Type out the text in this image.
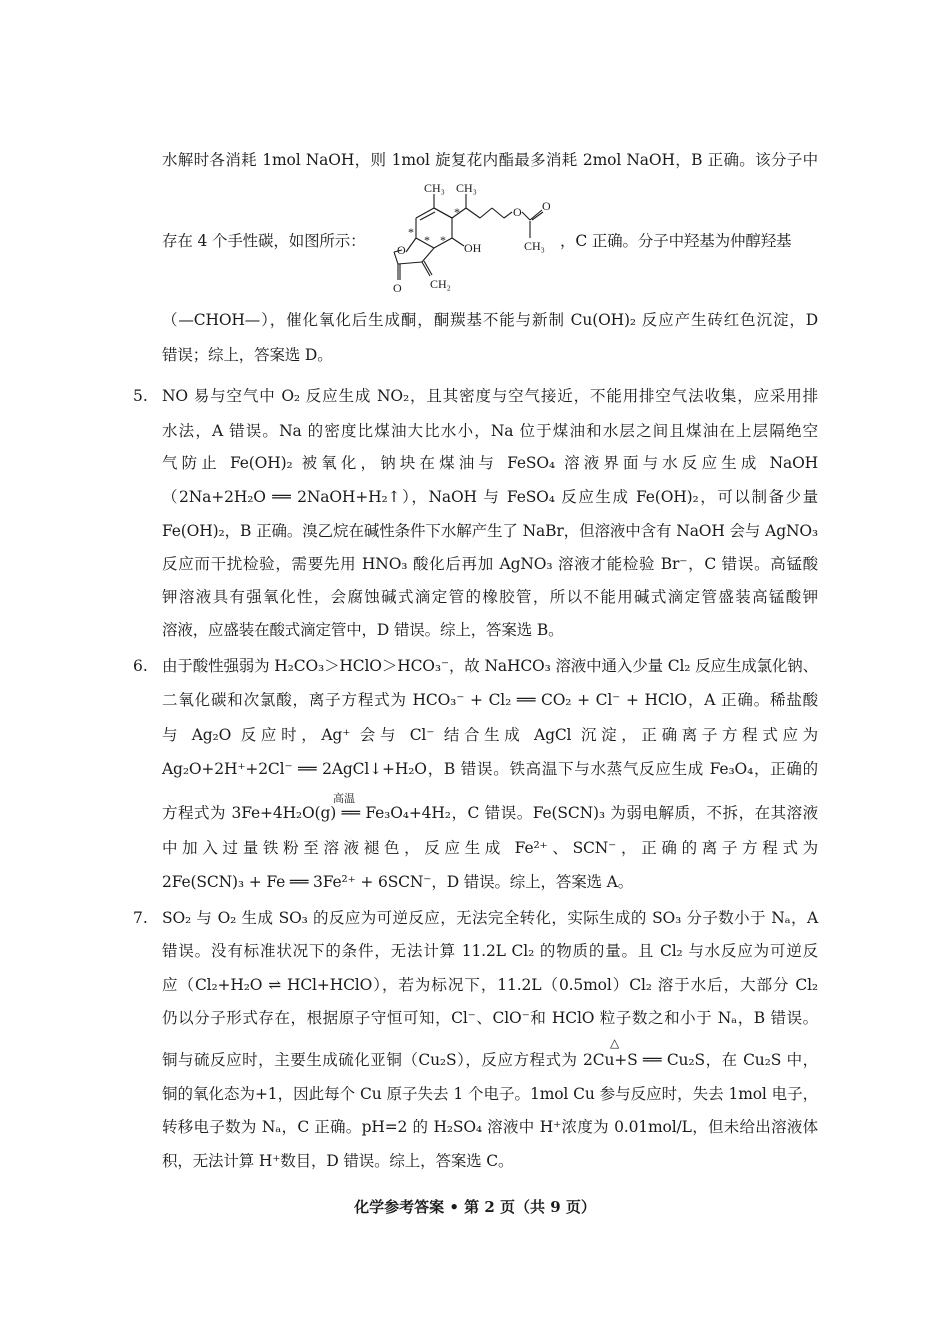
水解时各消耗 1mol NaOH，则 1mol 旋复花内酯最多消耗 2mol NaOH，B 正确。该分子中
存在 4 个手性碳，如图所示：
CH₃ CH₃
O O
CH₃
OH
O
O CH₂
*
*
* *	，C 正确。分子中羟基为仲醇羟基
（—CHOH—），催化氧化后生成酮，酮羰基不能与新制 Cu(OH)₂ 反应产生砖红色沉淀，D
错误；综上，答案选 D。
5. NO 易与空气中 O₂ 反应生成 NO₂，且其密度与空气接近，不能用排空气法收集，应采用排
水法，A 错误。Na 的密度比煤油大比水小，Na 位于煤油和水层之间且煤油在上层隔绝空
气防止 Fe(OH)₂ 被氧化，钠块在煤油与 FeSO₄ 溶液界面与水反应生成 NaOH
（2Na+2H₂O ══ 2NaOH+H₂↑），NaOH 与 FeSO₄ 反应生成 Fe(OH)₂，可以制备少量
Fe(OH)₂，B 正确。溴乙烷在碱性条件下水解产生了 NaBr，但溶液中含有 NaOH 会与 AgNO₃
反应而干扰检验，需要先用 HNO₃ 酸化后再加 AgNO₃ 溶液才能检验 Br⁻，C 错误。高锰酸
钾溶液具有强氧化性，会腐蚀碱式滴定管的橡胶管，所以不能用碱式滴定管盛装高锰酸钾
溶液，应盛装在酸式滴定管中，D 错误。综上，答案选 B。
6. 由于酸性强弱为 H₂CO₃＞HClO＞HCO₃⁻，故 NaHCO₃ 溶液中通入少量 Cl₂ 反应生成氯化钠、
二氧化碳和次氯酸，离子方程式为 HCO₃⁻ + Cl₂ ══ CO₂ + Cl⁻ + HClO，A 正确。稀盐酸
与 Ag₂O 反应时，Ag⁺ 会与 Cl⁻ 结合生成 AgCl 沉淀，正确离子方程式应为
Ag₂O+2H⁺+2Cl⁻ ══ 2AgCl↓+H₂O，B 错误。铁高温下与水蒸气反应生成 Fe₃O₄，正确的
高温
方程式为 3Fe+4H₂O(g) ══ Fe₃O₄+4H₂，C 错误。Fe(SCN)₃ 为弱电解质，不拆，在其溶液
中加入过量铁粉至溶液褪色，反应生成 Fe²⁺、SCN⁻，正确的离子方程式为
2Fe(SCN)₃ + Fe ══ 3Fe²⁺ + 6SCN⁻，D 错误。综上，答案选 A。
7. SO₂ 与 O₂ 生成 SO₃ 的反应为可逆反应，无法完全转化，实际生成的 SO₃ 分子数小于 Nₐ，A
错误。没有标准状况下的条件，无法计算 11.2L Cl₂ 的物质的量。且 Cl₂ 与水反应为可逆反
应（Cl₂+H₂O ⇌ HCl+HClO），若为标况下，11.2L（0.5mol）Cl₂ 溶于水后，大部分 Cl₂
仍以分子形式存在，根据原子守恒可知，Cl⁻、ClO⁻和 HClO 粒子数之和小于 Nₐ，B 错误。
△
铜与硫反应时，主要生成硫化亚铜（Cu₂S），反应方程式为 2Cu+S ══ Cu₂S，在 Cu₂S 中，
铜的氧化态为+1，因此每个 Cu 原子失去 1 个电子。1mol Cu 参与反应时，失去 1mol 电子，
转移电子数为 Nₐ，C 正确。pH=2 的 H₂SO₄ 溶液中 H⁺浓度为 0.01mol/L，但未给出溶液体
积，无法计算 H⁺数目，D 错误。综上，答案选 C。
化学参考答案 • 第 2 页（共 9 页）
